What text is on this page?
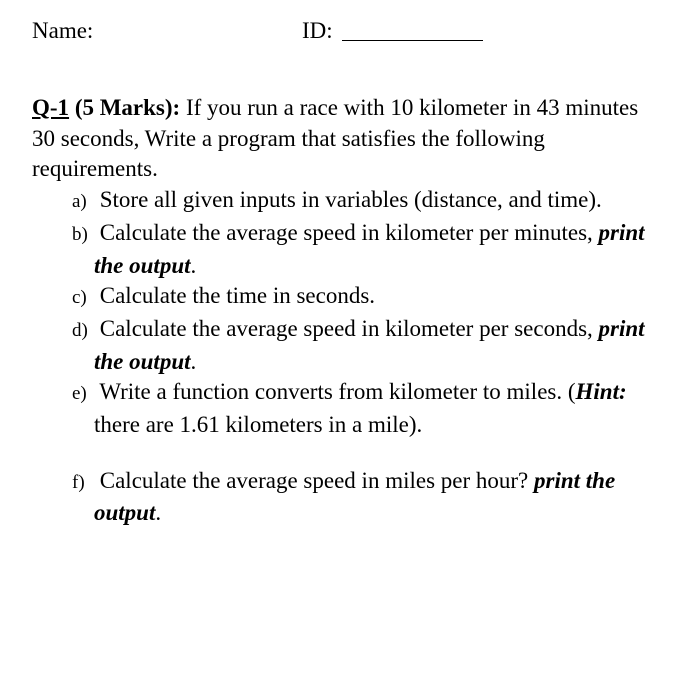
Name:	ID:
Q-1 (5 Marks): If you run a race with 10 kilometer in 43 minutes 30 seconds, Write a program that satisfies the following requirements.
a) Store all given inputs in variables (distance, and time).
b) Calculate the average speed in kilometer per minutes, print the output.
c) Calculate the time in seconds.
d) Calculate the average speed in kilometer per seconds, print the output.
e) Write a function converts from kilometer to miles. (Hint: there are 1.61 kilometers in a mile).
f) Calculate the average speed in miles per hour? print the output.
